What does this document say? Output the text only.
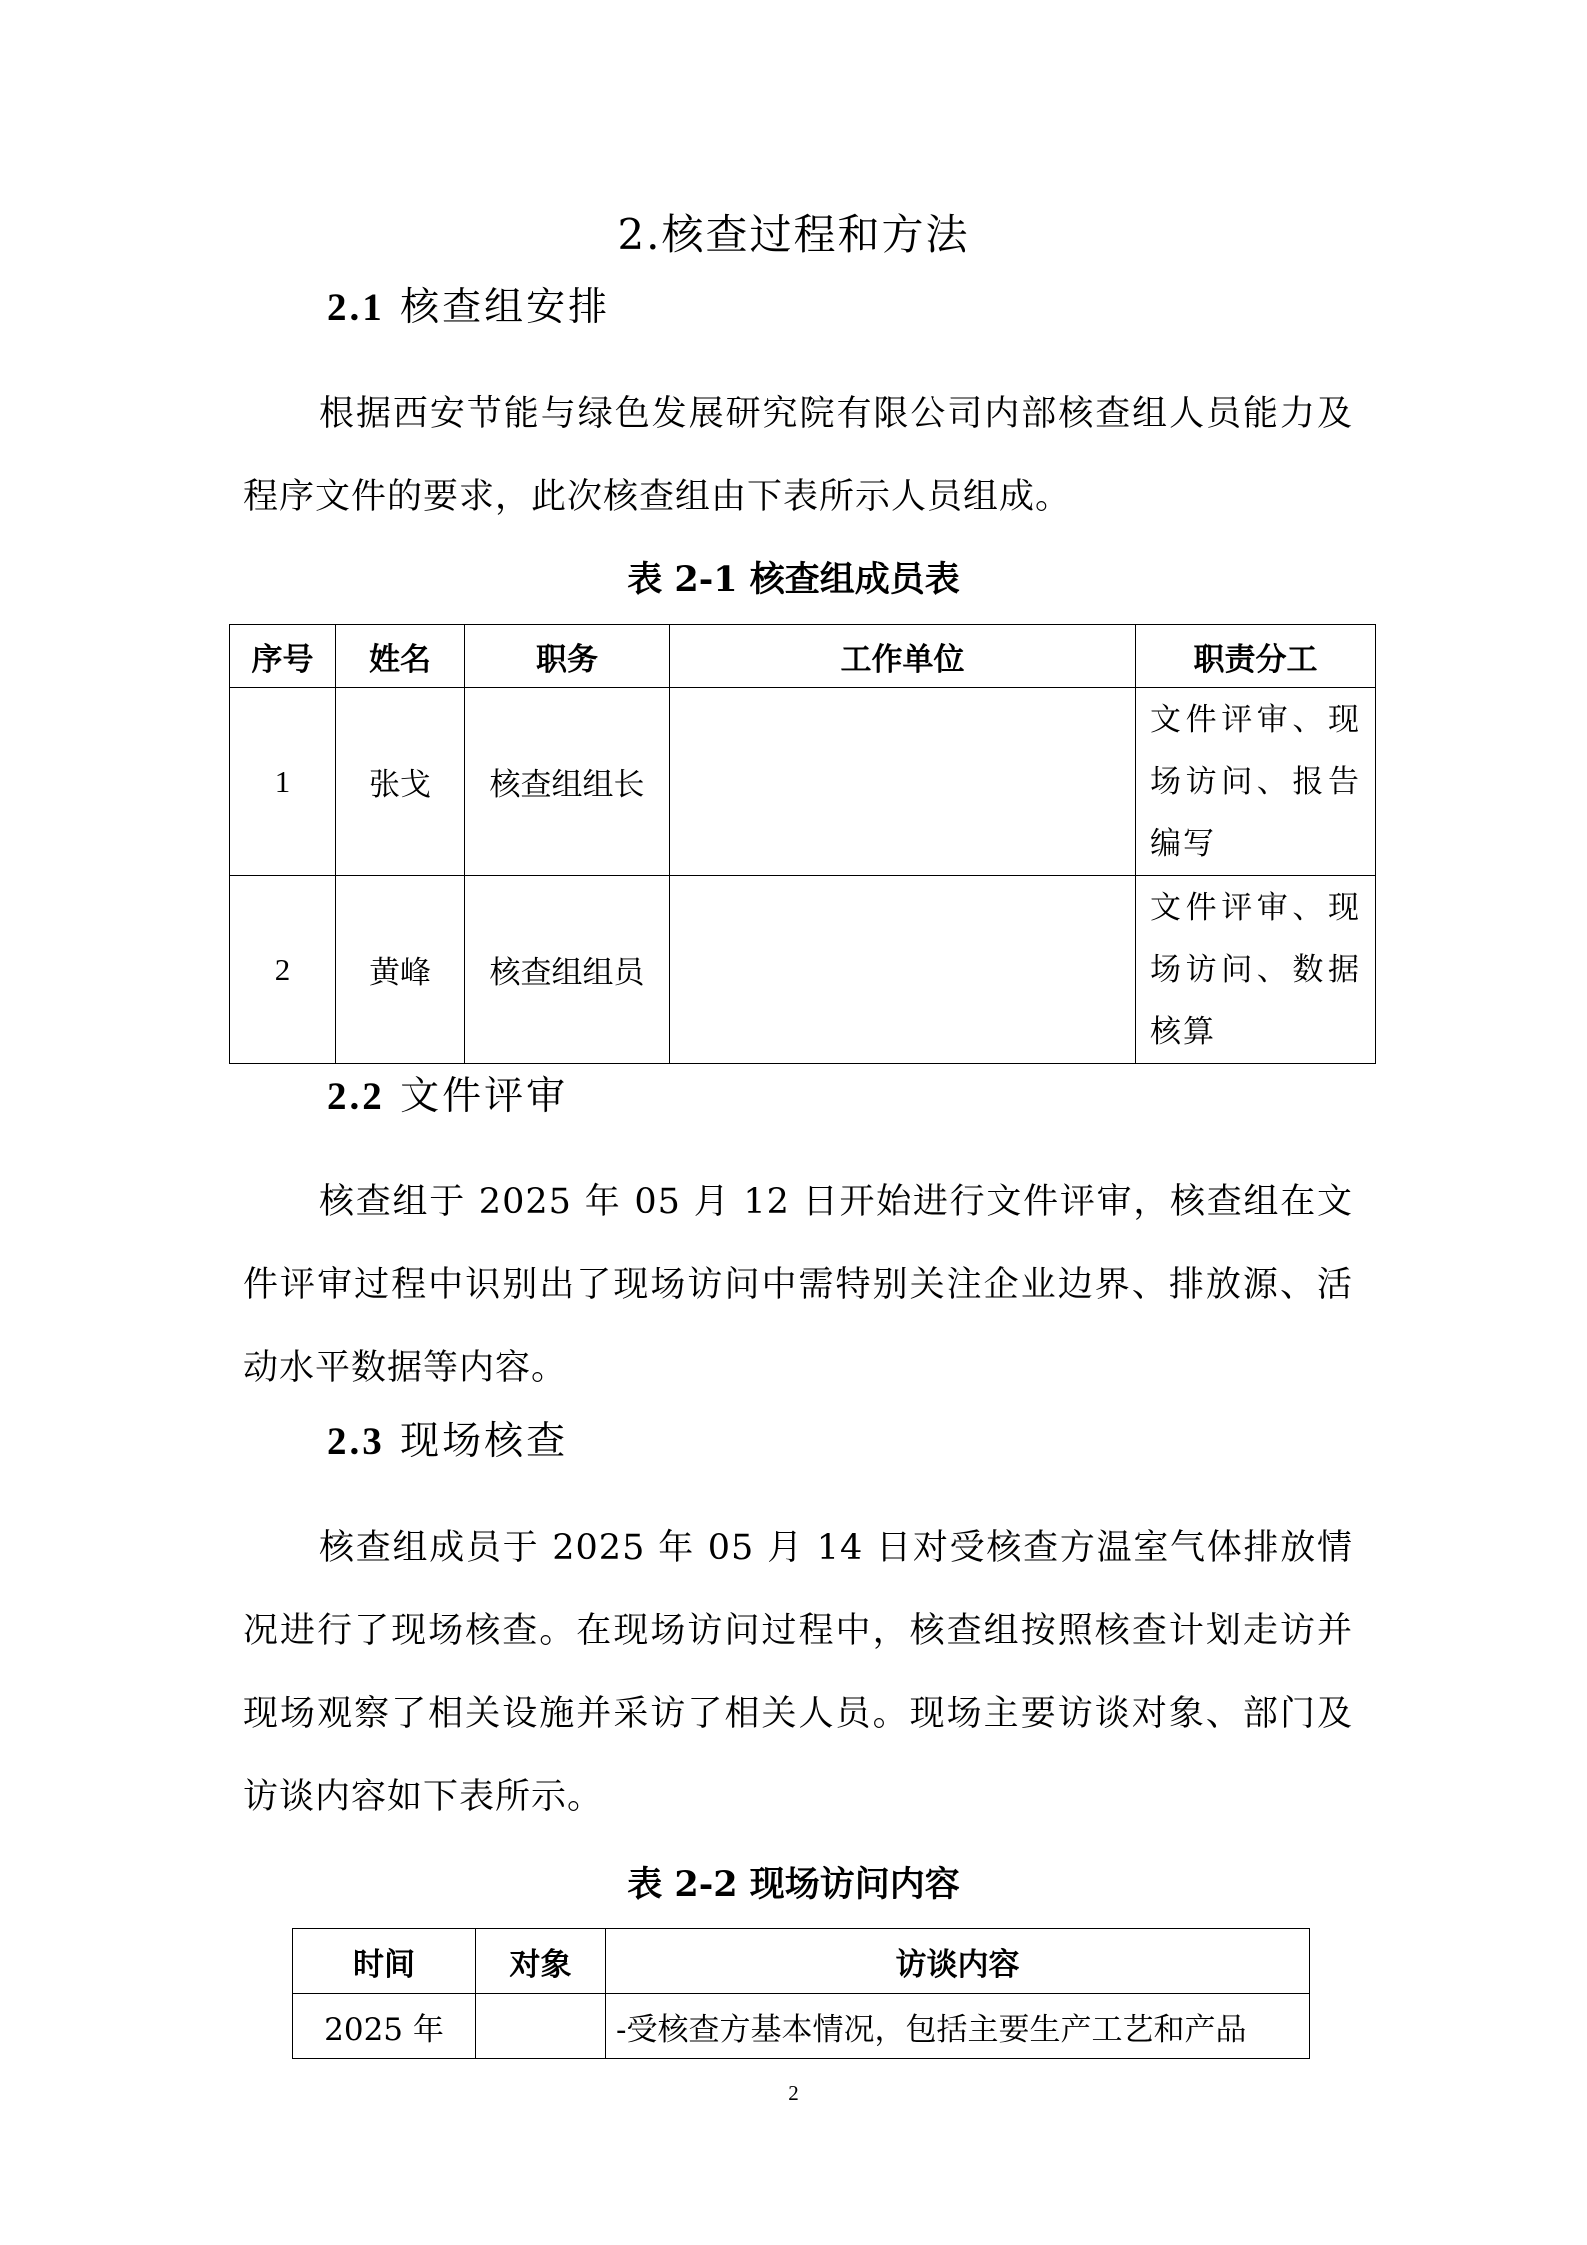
2.核查过程和方法
2.1 核查组安排
根据西安节能与绿色发展研究院有限公司内部核查组人员能力及程序文件的要求，此次核查组由下表所示人员组成。
表 2-1 核查组成员表
序号	姓名	职务	工作单位	职责分工
1	张戈	核查组组长		文件评审、现场访问、报告编写
2	黄峰	核查组组员		文件评审、现场访问、数据核算
2.2 文件评审
核查组于 2025 年 05 月 12 日开始进行文件评审，核查组在文件评审过程中识别出了现场访问中需特别关注企业边界、排放源、活动水平数据等内容。
2.3 现场核查
核查组成员于 2025 年 05 月 14 日对受核查方温室气体排放情况进行了现场核查。在现场访问过程中，核查组按照核查计划走访并现场观察了相关设施并采访了相关人员。现场主要访谈对象、部门及访谈内容如下表所示。
表 2-2 现场访问内容
时间	对象	访谈内容
2025 年		-受核查方基本情况，包括主要生产工艺和产品
2
